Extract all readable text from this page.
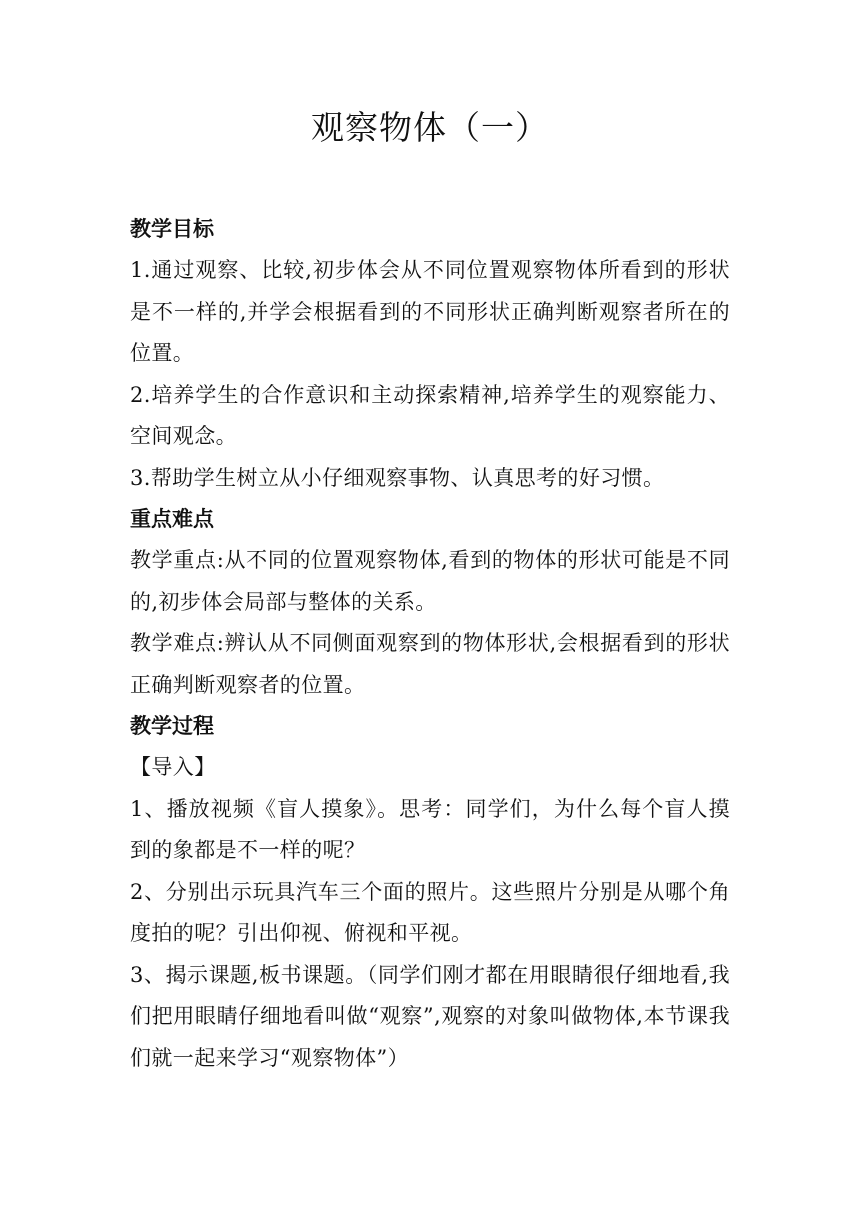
观察物体（一）
教学目标

1.通过观察、比较,初步体会从不同位置观察物体所看到的形状是不一样的,并学会根据看到的不同形状正确判断观察者所在的位置。

2.培养学生的合作意识和主动探索精神,培养学生的观察能力、空间观念。

3.帮助学生树立从小仔细观察事物、认真思考的好习惯。

重点难点

教学重点:从不同的位置观察物体,看到的物体的形状可能是不同的,初步体会局部与整体的关系。

教学难点:辨认从不同侧面观察到的物体形状,会根据看到的形状正确判断观察者的位置。

教学过程

【导入】

1、播放视频《盲人摸象》。思考：同学们，为什么每个盲人摸到的象都是不一样的呢？

2、分别出示玩具汽车三个面的照片。这些照片分别是从哪个角度拍的呢？引出仰视、俯视和平视。

3、揭示课题,板书课题。（同学们刚才都在用眼睛很仔细地看,我们把用眼睛仔细地看叫做“观察”,观察的对象叫做物体,本节课我们就一起来学习“观察物体”）
